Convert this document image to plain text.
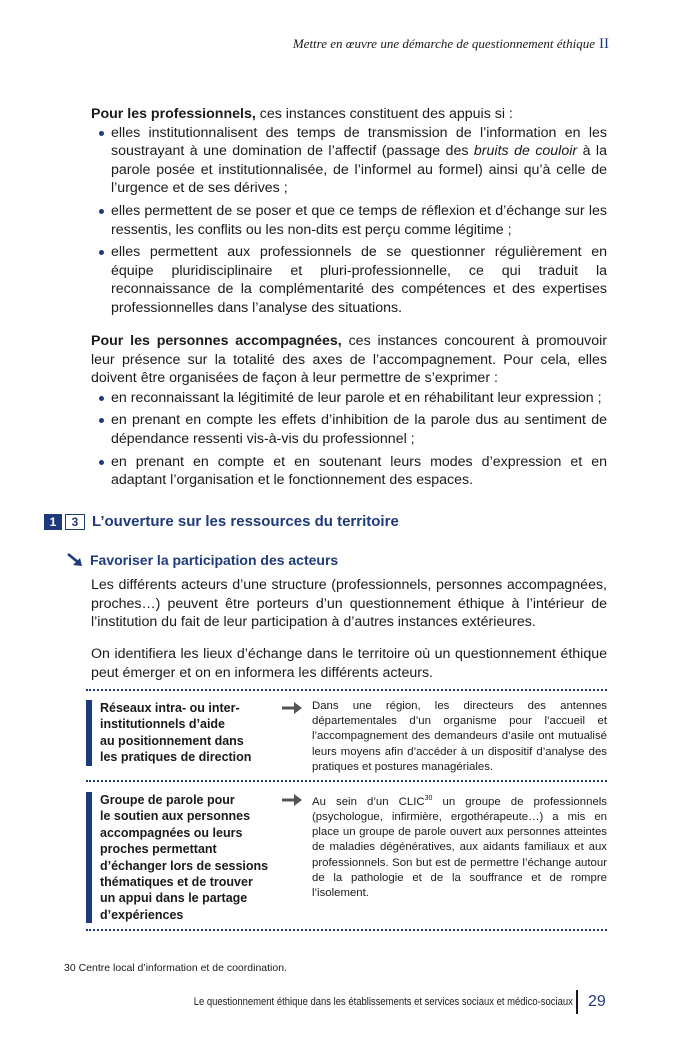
Mettre en œuvre une démarche de questionnement éthique II

Pour les professionnels, ces instances constituent des appuis si :

elles institutionnalisent des temps de transmission de l’information en les soustrayant à une domination de l’affectif (passage des bruits de couloir à la parole posée et institutionnalisée, de l’informel au formel) ainsi qu’à celle de l’urgence et de ses dérives ;
elles permettent de se poser et que ce temps de réflexion et d’échange sur les ressentis, les conflits ou les non-dits est perçu comme légitime ;
elles permettent aux professionnels de se questionner régulièrement en équipe pluridisciplinaire et pluri-professionnelle, ce qui traduit la reconnaissance de la complémentarité des compétences et des expertises professionnelles dans l’analyse des situations.

Pour les personnes accompagnées, ces instances concourent à promouvoir leur présence sur la totalité des axes de l’accompagnement. Pour cela, elles doivent être organisées de façon à leur permettre de s’exprimer :

en reconnaissant la légitimité de leur parole et en réhabilitant leur expression ;
en prenant en compte les effets d’inhibition de la parole dus au sentiment de dépendance ressenti vis-à-vis du professionnel ;
en prenant en compte et en soutenant leurs modes d’expression et en adaptant l’organisation et le fonctionnement des espaces.
1	3 L’ouverture sur les ressources du territoire
Favoriser la participation des acteurs

Les différents acteurs d’une structure (professionnels, personnes accompagnées, proches…) peuvent être porteurs d’un questionnement éthique à l’intérieur de l’institution du fait de leur participation à d’autres instances extérieures.

On identifiera les lieux d’échange dans le territoire où un questionnement éthique peut émerger et on en informera les différents acteurs.

Réseaux intra- ou inter-
institutionnels d’aide
au positionnement dans
les pratiques de direction
Dans une région, les directeurs des antennes départementales d’un organisme pour l’accueil et l’accompagnement des demandeurs d’asile ont mutualisé leurs moyens afin d’accéder à un dispositif d’analyse des pratiques et postures managériales.
Groupe de parole pour
le soutien aux personnes
accompagnées ou leurs
proches permettant
d’échanger lors de sessions
thématiques et de trouver
un appui dans le partage
d’expériences
Au sein d’un CLIC$^{30}$ un groupe de professionnels (psychologue, infirmière, ergothérapeute…) a mis en place un groupe de parole ouvert aux personnes atteintes de maladies dégénératives, aux aidants familiaux et aux professionnels. Son but est de permettre l’échange autour de la pathologie et de la souffrance et de rompre l’isolement.
30 Centre local d’information et de coordination.
Le questionnement éthique dans les établissements et services sociaux et médico-sociaux 29
